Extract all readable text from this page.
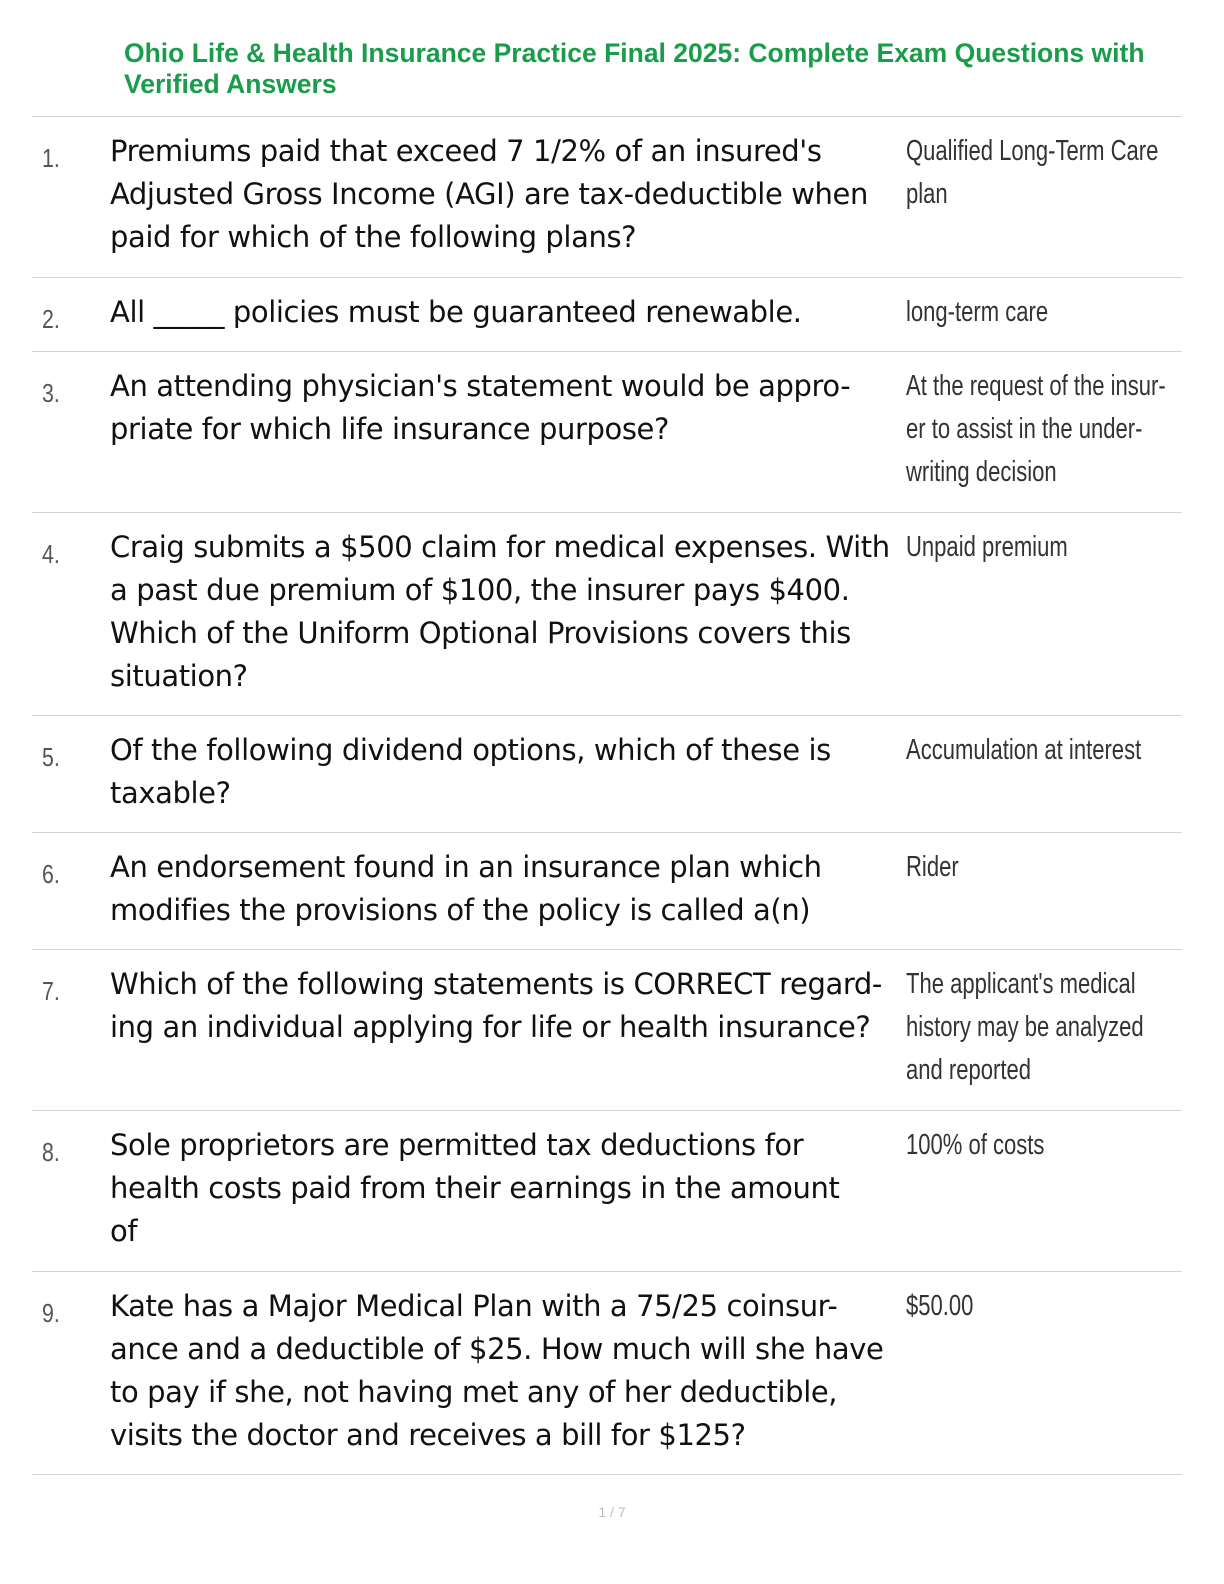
Ohio Life & Health Insurance Practice Final 2025: Complete Exam Questions with
Verified Answers
1. Premiums paid that exceed 7 1/2% of an insured's
Adjusted Gross Income (AGI) are tax-deductible when
paid for which of the following plans?
Qualified Long-Term Care
plan
2. All _____ policies must be guaranteed renewable.	long-term care
3. An attending physician's statement would be appro-
priate for which life insurance purpose?
At the request of the insur-
er to assist in the under-
writing decision
4. Craig submits a $500 claim for medical expenses. With
a past due premium of $100, the insurer pays $400.
Which of the Uniform Optional Provisions covers this
situation?
Unpaid premium
5. Of the following dividend options, which of these is
taxable?
Accumulation at interest
6. An endorsement found in an insurance plan which
modifies the provisions of the policy is called a(n)
Rider
7. Which of the following statements is CORRECT regard-
ing an individual applying for life or health insurance?
The applicant's medical
history may be analyzed
and reported
8. Sole proprietors are permitted tax deductions for
health costs paid from their earnings in the amount
of
100% of costs
9. Kate has a Major Medical Plan with a 75/25 coinsur-
ance and a deductible of $25. How much will she have
to pay if she, not having met any of her deductible,
visits the doctor and receives a bill for $125?
$50.00
1 / 7
